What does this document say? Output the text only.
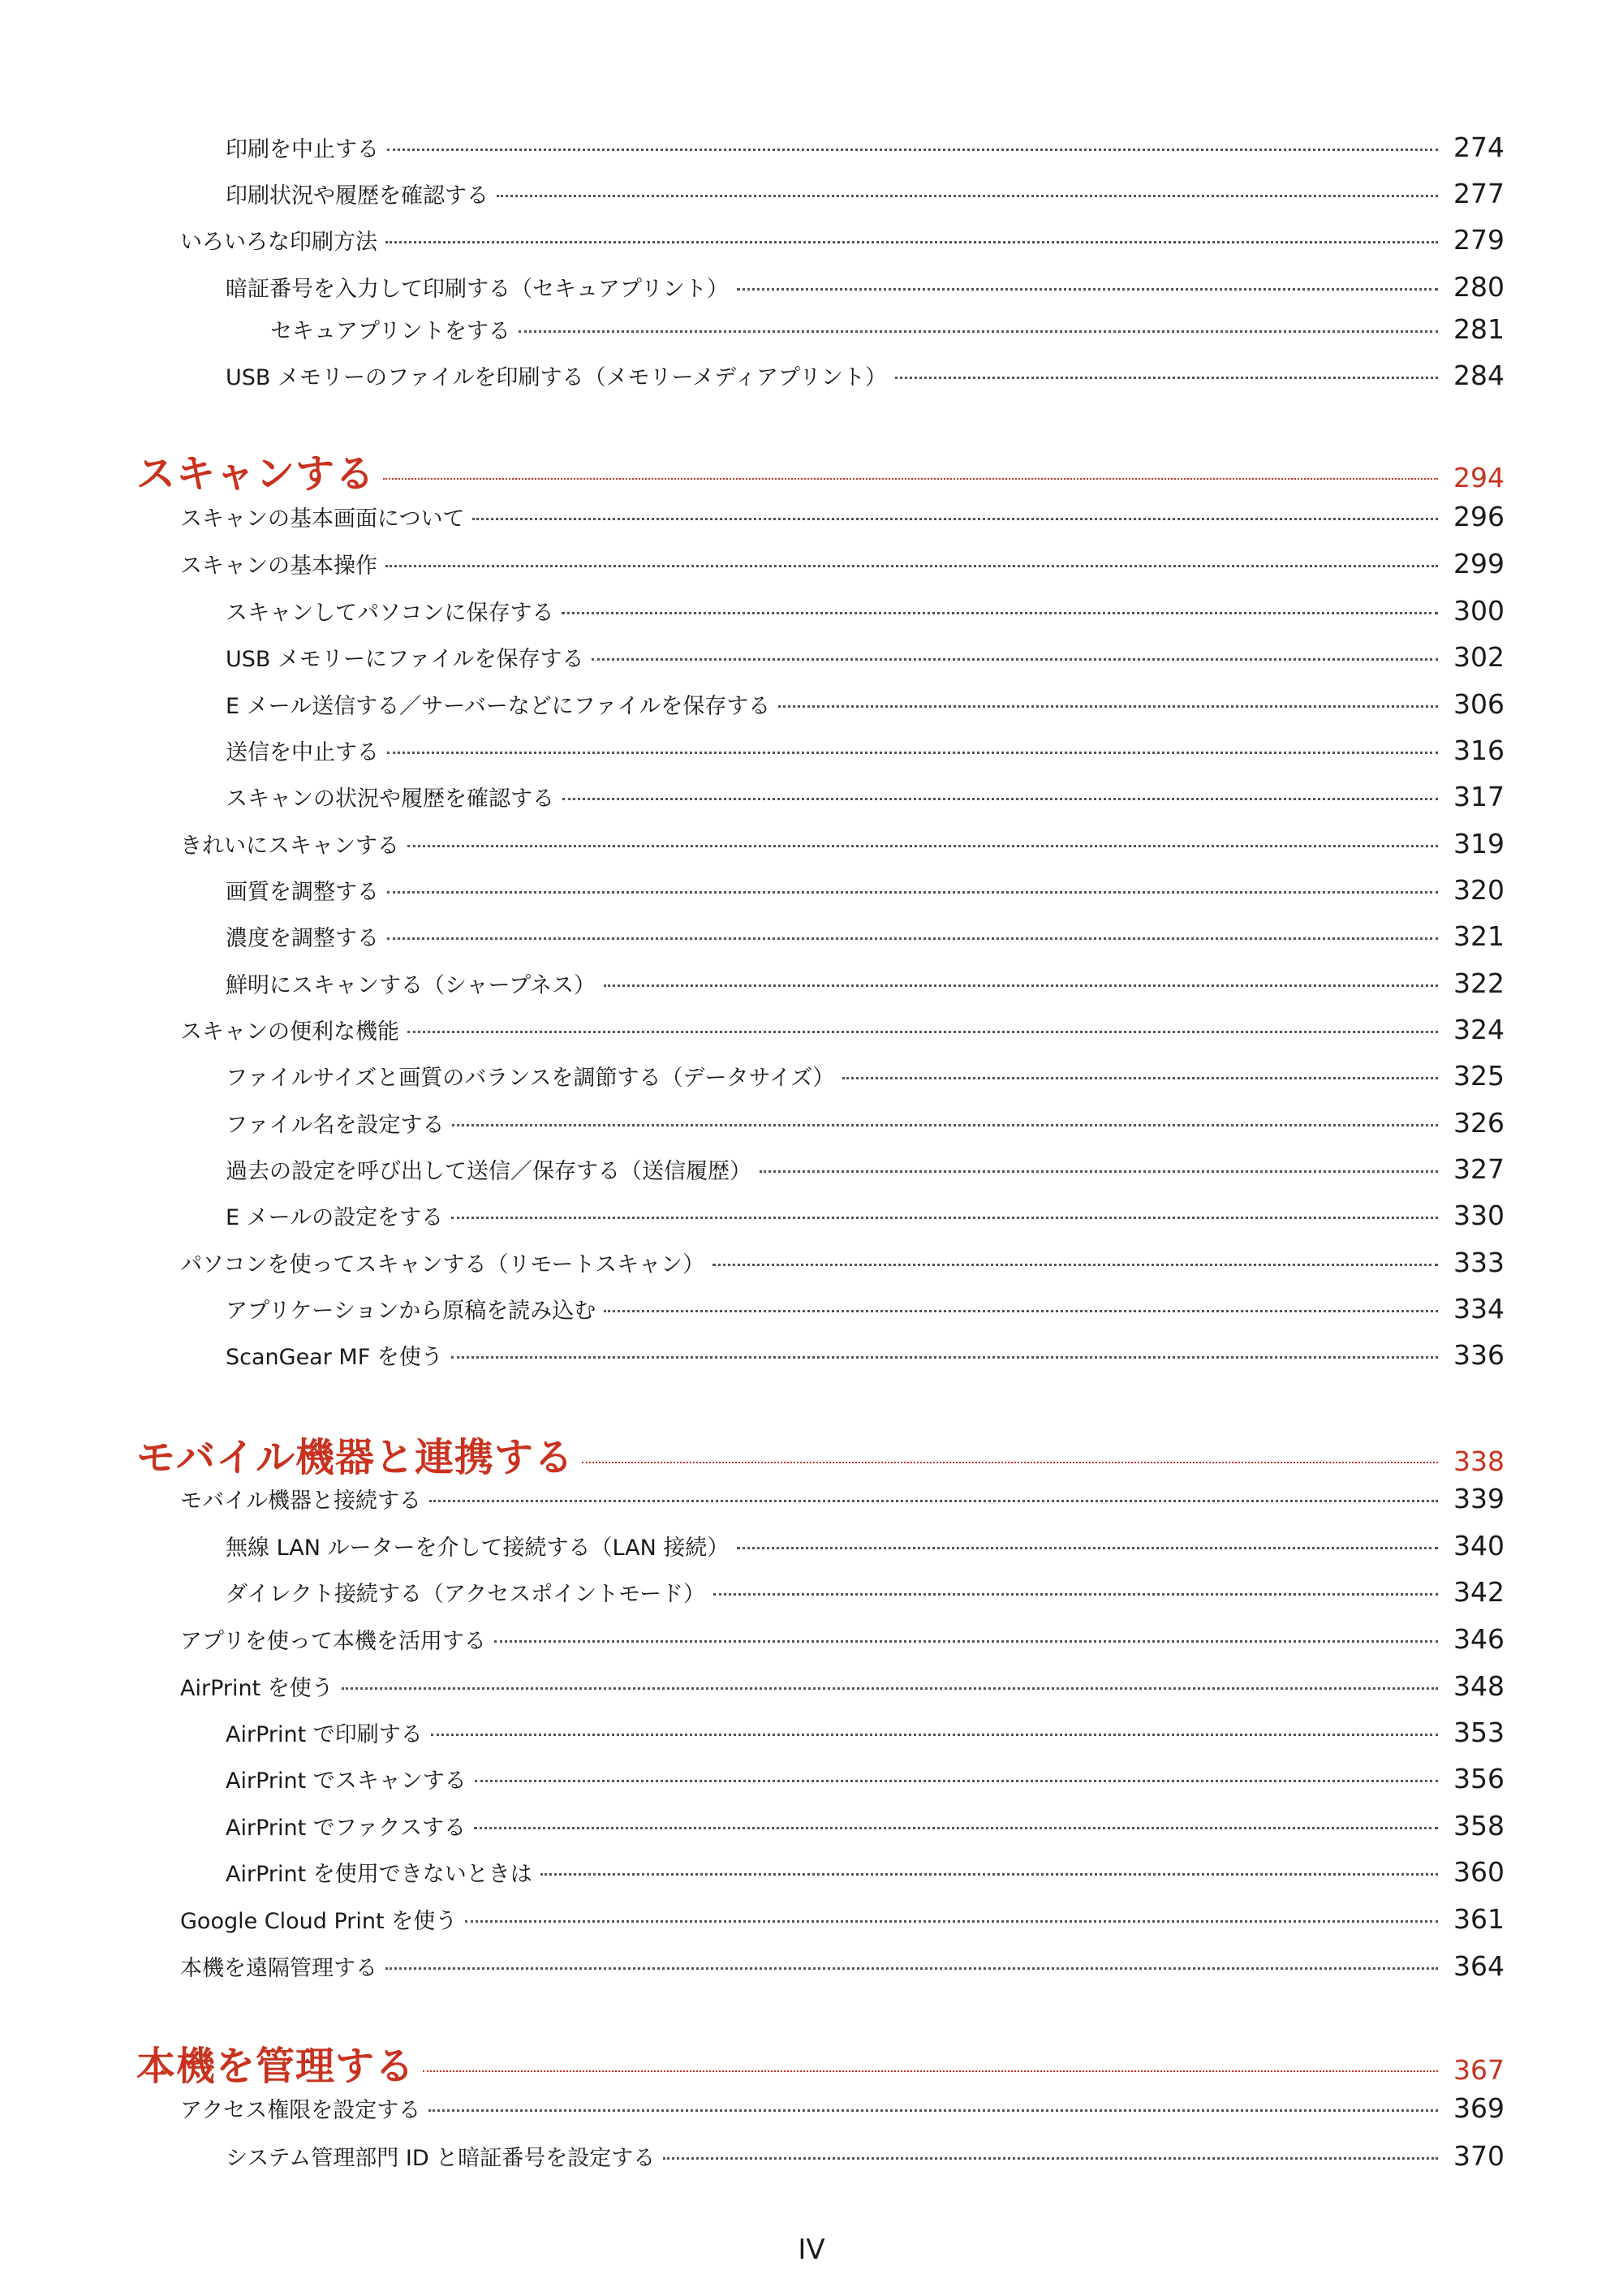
印刷を中止する	274
印刷状況や履歴を確認する	277
いろいろな印刷方法	279
暗証番号を入力して印刷する（セキュアプリント）	280
セキュアプリントをする	281
USB メモリーのファイルを印刷する（メモリーメディアプリント）	284
スキャンする	294
スキャンの基本画面について	296
スキャンの基本操作	299
スキャンしてパソコンに保存する	300
USB メモリーにファイルを保存する	302
E メール送信する／サーバーなどにファイルを保存する	306
送信を中止する	316
スキャンの状況や履歴を確認する	317
きれいにスキャンする	319
画質を調整する	320
濃度を調整する	321
鮮明にスキャンする（シャープネス）	322
スキャンの便利な機能	324
ファイルサイズと画質のバランスを調節する（データサイズ）	325
ファイル名を設定する	326
過去の設定を呼び出して送信／保存する（送信履歴）	327
E メールの設定をする	330
パソコンを使ってスキャンする（リモートスキャン）	333
アプリケーションから原稿を読み込む	334
ScanGear MF を使う	336
モバイル機器と連携する	338
モバイル機器と接続する	339
無線 LAN ルーターを介して接続する（LAN 接続）	340
ダイレクト接続する（アクセスポイントモード）	342
アプリを使って本機を活用する	346
AirPrint を使う	348
AirPrint で印刷する	353
AirPrint でスキャンする	356
AirPrint でファクスする	358
AirPrint を使用できないときは	360
Google Cloud Print を使う	361
本機を遠隔管理する	364
本機を管理する	367
アクセス権限を設定する	369
システム管理部門 ID と暗証番号を設定する	370
IV
